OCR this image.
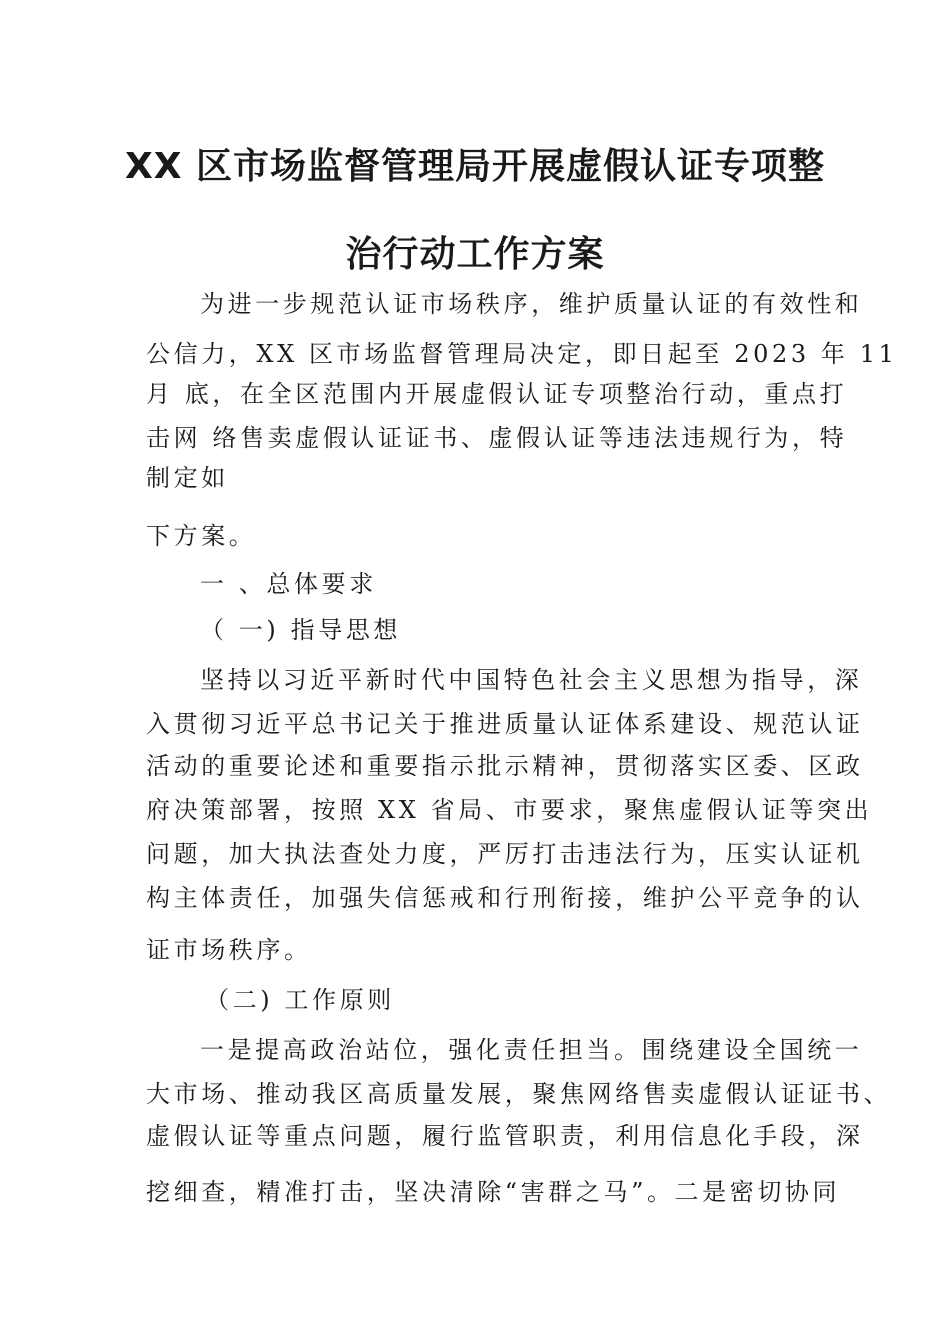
XX 区市场监督管理局开展虚假认证专项整
治行动工作方案
为进一步规范认证市场秩序，维护质量认证的有效性和
公信力，XX 区市场监督管理局决定，即日起至 2023 年 11
月 底，在全区范围内开展虚假认证专项整治行动，重点打
击网 络售卖虚假认证证书、虚假认证等违法违规行为，特
制定如
下方案。
一 、总体要求
（ 一) 指导思想
坚持以习近平新时代中国特色社会主义思想为指导，深
入贯彻习近平总书记关于推进质量认证体系建设、规范认证
活动的重要论述和重要指示批示精神，贯彻落实区委、区政
府决策部署，按照 XX 省局、市要求，聚焦虚假认证等突出
问题，加大执法查处力度，严厉打击违法行为，压实认证机
构主体责任，加强失信惩戒和行刑衔接，维护公平竞争的认
证市场秩序。
（二) 工作原则
一是提高政治站位，强化责任担当。围绕建设全国统一
大市场、推动我区高质量发展，聚焦网络售卖虚假认证证书、
虚假认证等重点问题，履行监管职责，利用信息化手段，深
挖细查，精准打击，坚决清除“害群之马”。二是密切协同
